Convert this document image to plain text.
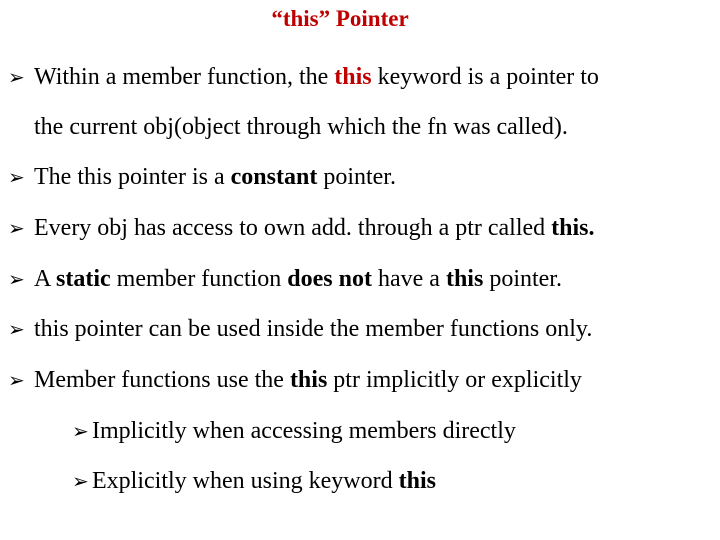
“this” Pointer
➢ Within a member function, the this keyword is a pointer to
the current obj(object through which the fn was called).
➢ The this pointer is a constant pointer.
➢ Every obj has access to own add. through a ptr called this.
➢ A static member function does not have a this pointer.
➢ this pointer can be used inside the member functions only.
➢ Member functions use the this ptr implicitly or explicitly
➢ Implicitly when accessing members directly
➢ Explicitly when using keyword this
